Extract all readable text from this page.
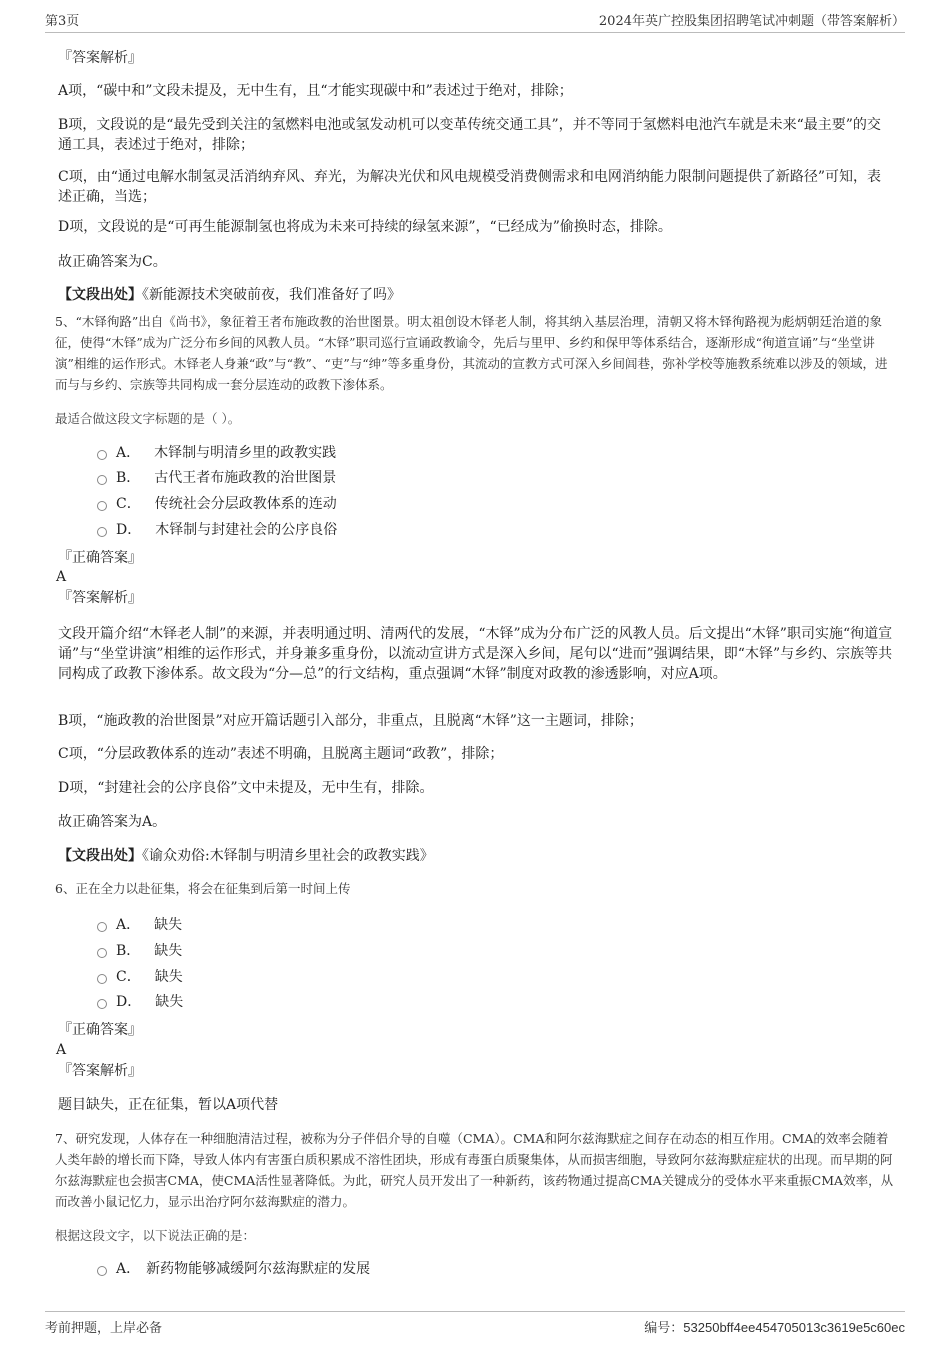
第3页	2024年英广控股集团招聘笔试冲刺题（带答案解析）
『答案解析』
A项，“碳中和”文段未提及，无中生有，且“才能实现碳中和”表述过于绝对，排除；
B项，文段说的是“最先受到关注的氢燃料电池或氢发动机可以变革传统交通工具”，并不等同于氢燃料电池汽车就是未来“最主要”的交通工具，表述过于绝对，排除；
C项，由“通过电解水制氢灵活消纳弃风、弃光，为解决光伏和风电规模受消费侧需求和电网消纳能力限制问题提供了新路径”可知，表述正确，当选；
D项，文段说的是“可再生能源制氢也将成为未来可持续的绿氢来源”，“已经成为”偷换时态，排除。
故正确答案为C。
【文段出处】《新能源技术突破前夜，我们准备好了吗》
5、“木铎徇路”出自《尚书》，象征着王者布施政教的治世图景。明太祖创设木铎老人制，将其纳入基层治理，清朝又将木铎徇路视为彪炳朝廷治道的象征，使得“木铎”成为广泛分布乡间的风教人员。“木铎”职司巡行宣诵政教谕令，先后与里甲、乡约和保甲等体系结合，逐渐形成“徇道宣诵”与“坐堂讲演”相维的运作形式。木铎老人身兼“政”与“教”、“吏”与“绅”等多重身份，其流动的宣教方式可深入乡间闾巷，弥补学校等施教系统难以涉及的领域，进而与与乡约、宗族等共同构成一套分层连动的政教下渗体系。
最适合做这段文字标题的是（ ）。
A． 木铎制与明清乡里的政教实践
B． 古代王者布施政教的治世图景
C． 传统社会分层政教体系的连动
D． 木铎制与封建社会的公序良俗
『正确答案』
A
『答案解析』
文段开篇介绍“木铎老人制”的来源，并表明通过明、清两代的发展，“木铎”成为分布广泛的风教人员。后文提出“木铎”职司实施“徇道宣诵”与“坐堂讲演”相维的运作形式，并身兼多重身份，以流动宣讲方式是深入乡间，尾句以“进而”强调结果，即“木铎”与乡约、宗族等共同构成了政教下渗体系。故文段为“分—总”的行文结构，重点强调“木铎”制度对政教的渗透影响，对应A项。
B项，“施政教的治世图景”对应开篇话题引入部分，非重点，且脱离“木铎”这一主题词，排除；
C项，“分层政教体系的连动”表述不明确，且脱离主题词“政教”，排除；
D项，“封建社会的公序良俗”文中未提及，无中生有，排除。
故正确答案为A。
【文段出处】《谕众劝俗:木铎制与明清乡里社会的政教实践》
6、正在全力以赴征集，将会在征集到后第一时间上传
A． 缺失
B． 缺失
C． 缺失
D． 缺失
『正确答案』
A
『答案解析』
题目缺失，正在征集，暂以A项代替
7、研究发现，人体存在一种细胞清洁过程，被称为分子伴侣介导的自噬（CMA）。CMA和阿尔兹海默症之间存在动态的相互作用。CMA的效率会随着人类年龄的增长而下降，导致人体内有害蛋白质积累成不溶性团块，形成有毒蛋白质聚集体，从而损害细胞，导致阿尔兹海默症症状的出现。而早期的阿尔兹海默症也会损害CMA，使CMA活性显著降低。为此，研究人员开发出了一种新药，该药物通过提高CMA关键成分的受体水平来重振CMA效率，从而改善小鼠记忆力，显示出治疗阿尔兹海默症的潜力。
根据这段文字，以下说法正确的是：
A． 新药物能够减缓阿尔兹海默症的发展
考前押题，上岸必备	编号：53250bff4ee454705013c3619e5c60ec
